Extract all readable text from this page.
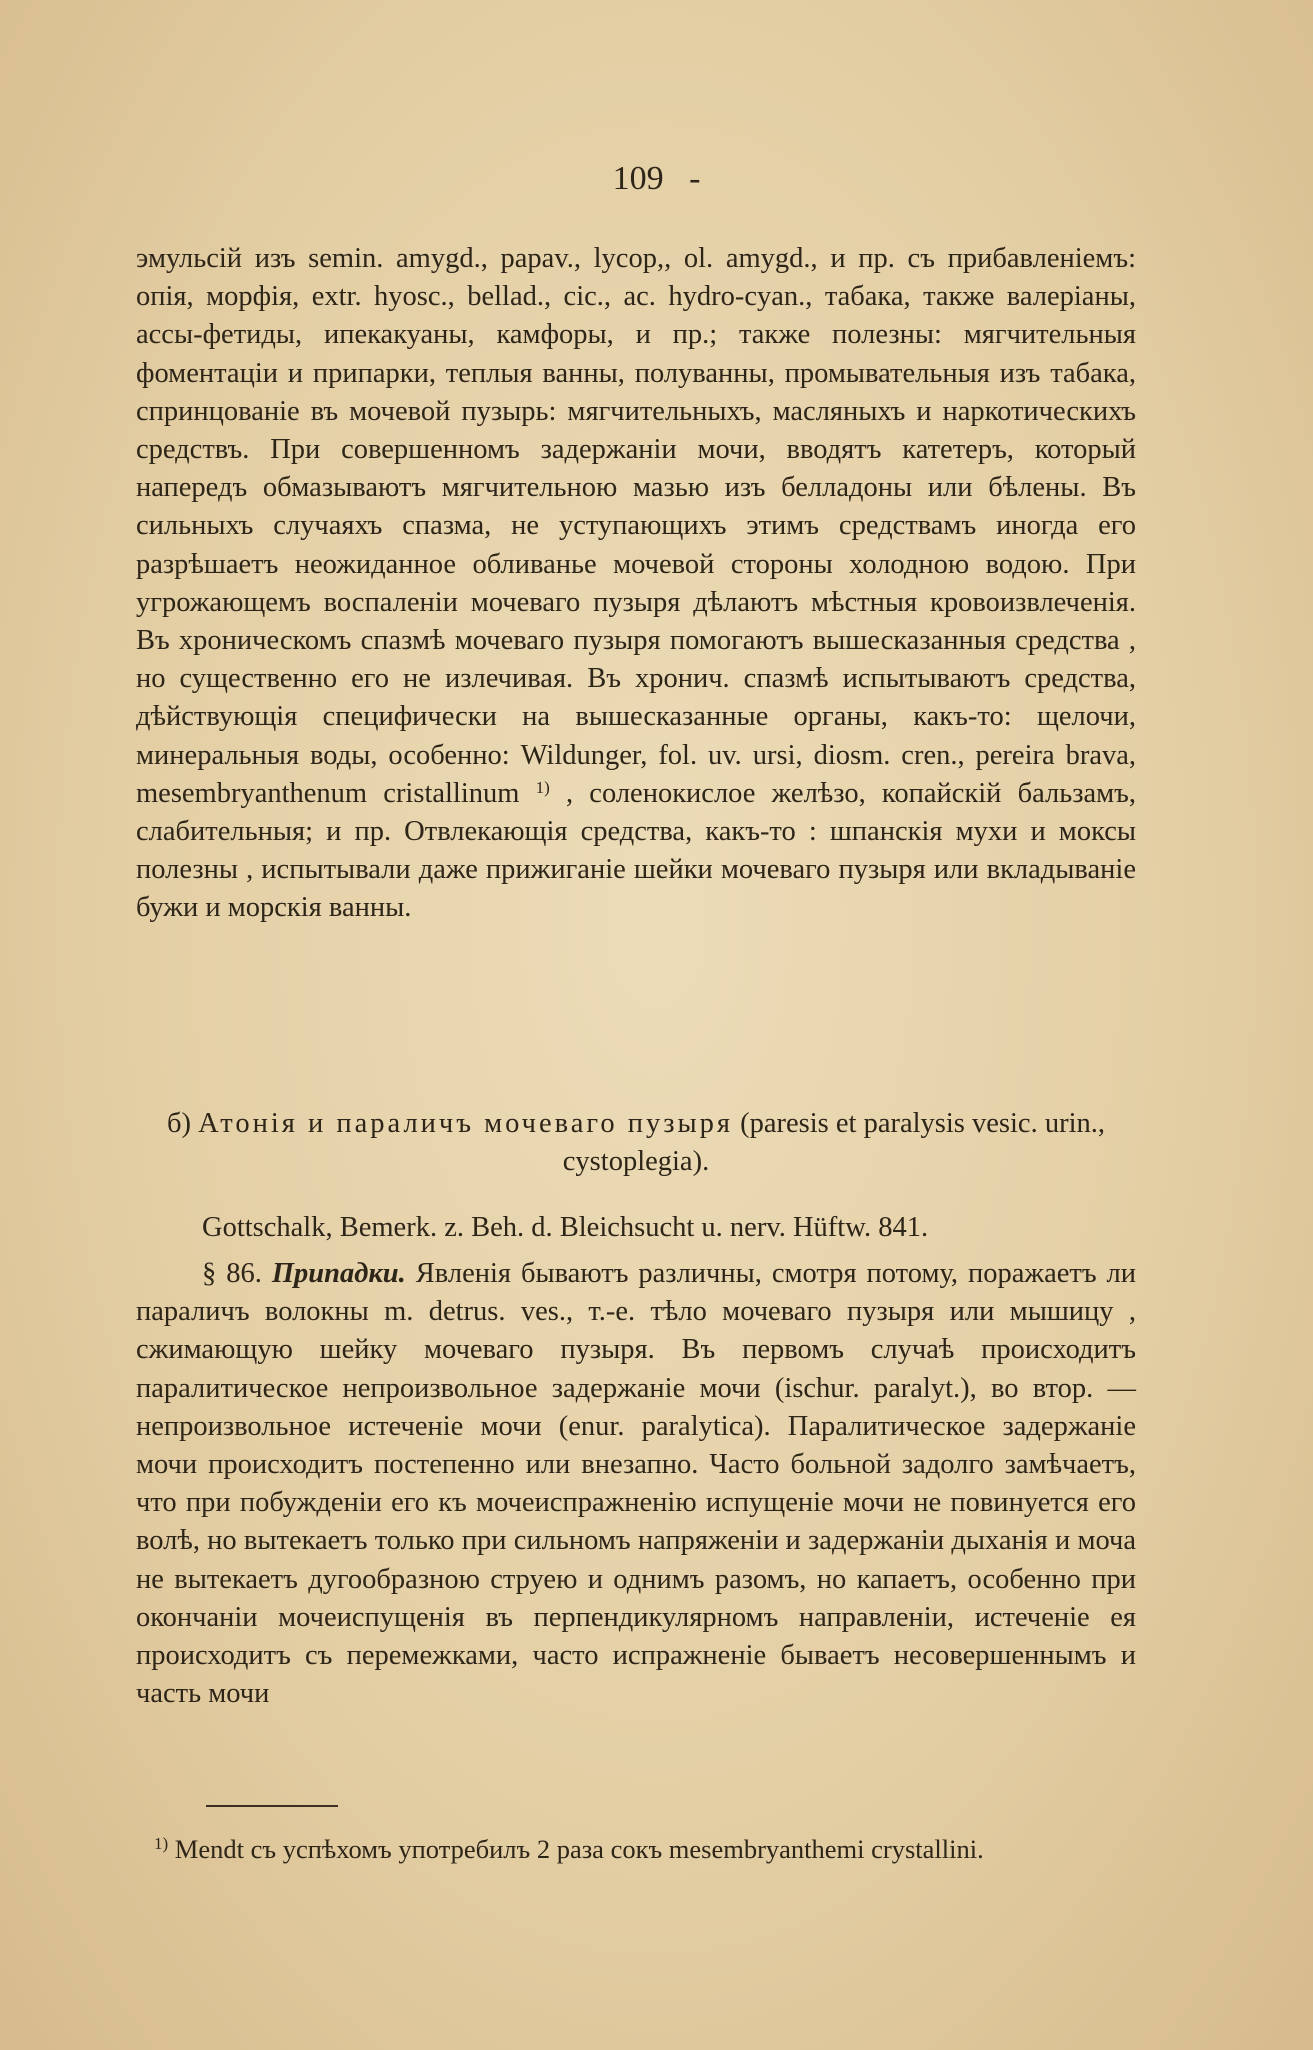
109 -

эмульсій изъ semin. amygd., papav., lycop,, ol. amygd., и пр. съ прибавленіемъ: опія, морфія, extr. hyosc., bellad., cic., ac. hydro-cyan., табака, также валеріаны, ассы-фетиды, ипекакуаны, камфоры, и пр.; также полезны: мягчительныя фоментаціи и припарки, теплыя ванны, полуванны, промывательныя изъ табака, спринцованіе въ мочевой пузырь: мягчительныхъ, масляныхъ и наркотическихъ средствъ. При совершенномъ задержаніи мочи, вводятъ катетеръ, который напередъ обмазываютъ мягчительною мазью изъ белладоны или бѣлены. Въ сильныхъ случаяхъ спазма, не уступающихъ этимъ средствамъ иногда его разрѣшаетъ неожиданное обливанье мочевой стороны холодною водою. При угрожающемъ воспаленіи мочеваго пузыря дѣлаютъ мѣстныя кровоизвлеченія. Въ хроническомъ спазмѣ мочеваго пузыря помогаютъ вышесказанныя средства , но существенно его не излечивая. Въ хронич. спазмѣ испытываютъ средства, дѣйствующія специфически на вышесказанные органы, какъ-то: щелочи, минеральныя воды, особенно: Wildunger, fol. uv. ursi, diosm. cren., pereira brava, mesembryanthenum cristallinum $^{1)}$ , соленокислое желѣзо, копайскій бальзамъ, слабительныя; и пр. Отвлекающія средства, какъ-то : шпанскія мухи и моксы полезны , испытывали даже прижиганіе шейки мочеваго пузыря или вкладываніе бужи и морскія ванны.

б) Атонія и параличъ мочеваго пузыря (paresis et paralysis vesic. urin., cystoplegia).
Gottschalk, Bemerk. z. Beh. d. Bleichsucht u. nerv. Hüftw. 841.

§ 86. Припадки. Явленія бываютъ различны, смотря потому, поражаетъ ли параличъ волокны m. detrus. ves., т.-е. тѣло мочеваго пузыря или мышицу , сжимающую шейку мочеваго пузыря. Въ первомъ случаѣ происходитъ паралитическое непроизвольное задержаніе мочи (ischur. paralyt.), во втор. —непроизвольное истеченіе мочи (enur. paralytica). Паралитическое задержаніе мочи происходитъ постепенно или внезапно. Часто больной задолго замѣчаетъ, что при побужденіи его къ мочеиспражненію испущеніе мочи не повинуется его волѣ, но вытекаетъ только при сильномъ напряженіи и задержаніи дыханія и моча не вытекаетъ дугообразною струею и однимъ разомъ, но капаетъ, особенно при окончаніи мочеиспущенія въ перпендикулярномъ направленіи, истеченіе ея происходитъ съ перемежками, часто испражненіе бываетъ несовершеннымъ и часть мочи

$^{1)}$ Mendt съ успѣхомъ употребилъ 2 раза сокъ mesembryanthemi crystallini.
